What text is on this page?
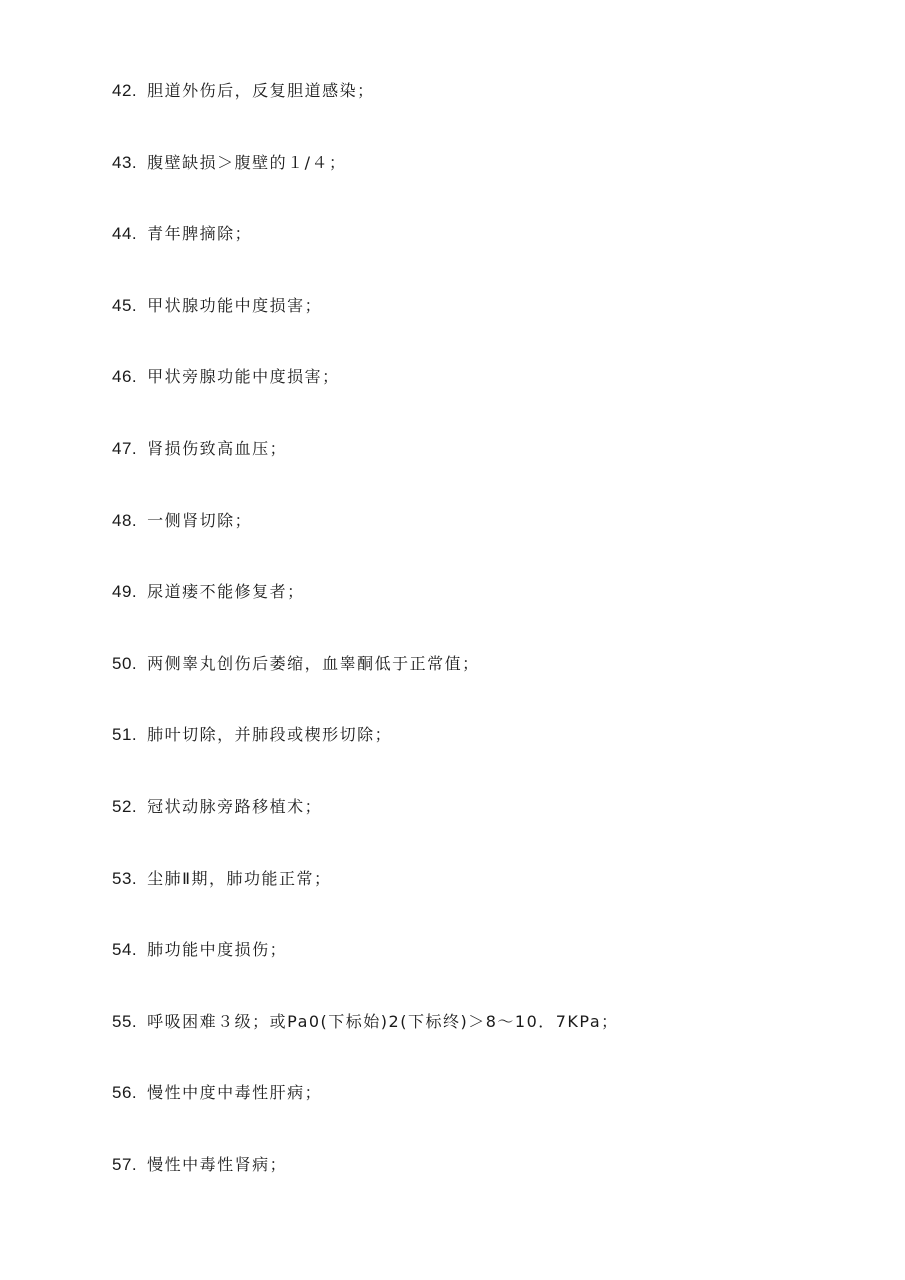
42. 胆道外伤后，反复胆道感染；
43. 腹壁缺损＞腹壁的１/４；
44. 青年脾摘除；
45. 甲状腺功能中度损害；
46. 甲状旁腺功能中度损害；
47. 肾损伤致高血压；
48. 一侧肾切除；
49. 尿道瘘不能修复者；
50. 两侧睾丸创伤后萎缩，血睾酮低于正常值；
51. 肺叶切除，并肺段或楔形切除；
52. 冠状动脉旁路移植术；
53. 尘肺Ⅱ期，肺功能正常；
54. 肺功能中度损伤；
55. 呼吸困难３级；或Pa0(下标始)2(下标终)＞8～10．7KPa；
56. 慢性中度中毒性肝病；
57. 慢性中毒性肾病；
